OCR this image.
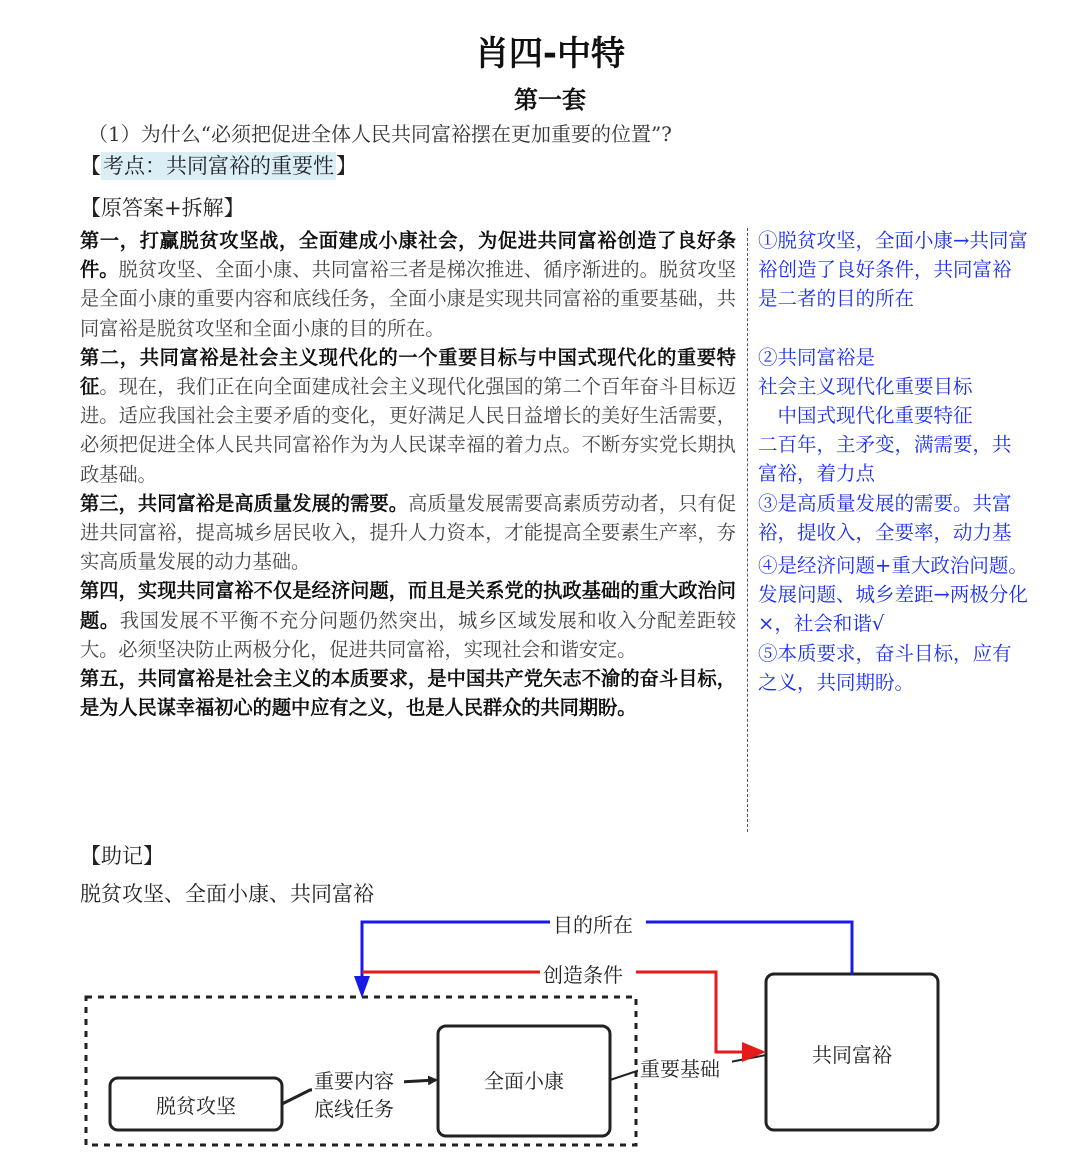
肖四-中特
第一套
（1）为什么“必须把促进全体人民共同富裕摆在更加重要的位置”?
【考点：共同富裕的重要性】
【原答案+拆解】

第一，打赢脱贫攻坚战，全面建成小康社会，为促进共同富裕创造了良好条件。脱贫攻坚、全面小康、共同富裕三者是梯次推进、循序渐进的。脱贫攻坚是全面小康的重要内容和底线任务，全面小康是实现共同富裕的重要基础，共同富裕是脱贫攻坚和全面小康的目的所在。

第二，共同富裕是社会主义现代化的一个重要目标与中国式现代化的重要特征。现在，我们正在向全面建成社会主义现代化强国的第二个百年奋斗目标迈进。适应我国社会主要矛盾的变化，更好满足人民日益增长的美好生活需要，必须把促进全体人民共同富裕作为为人民谋幸福的着力点。不断夯实党长期执政基础。

第三，共同富裕是高质量发展的需要。高质量发展需要高素质劳动者，只有促进共同富裕，提高城乡居民收入，提升人力资本，才能提高全要素生产率，夯实高质量发展的动力基础。

第四，实现共同富裕不仅是经济问题，而且是关系党的执政基础的重大政治问题。我国发展不平衡不充分问题仍然突出，城乡区域发展和收入分配差距较大。必须坚决防止两极分化，促进共同富裕，实现社会和谐安定。

第五，共同富裕是社会主义的本质要求，是中国共产党矢志不渝的奋斗目标，是为人民谋幸福初心的题中应有之义，也是人民群众的共同期盼。

①脱贫攻坚，全面小康→共同富裕创造了良好条件，共同富裕是二者的目的所在

②共同富裕是

社会主义现代化重要目标

　中国式现代化重要特征

二百年，主矛变，满需要，共富裕，着力点

③是高质量发展的需要。共富裕，提收入，全要率，动力基

④是经济问题+重大政治问题。发展问题、城乡差距→两极分化×，社会和谐√

⑤本质要求，奋斗目标，应有之义，共同期盼。

【助记】
脱贫攻坚、全面小康、共同富裕
目的所在
创造条件
重要内容
底线任务
重要基础
脱贫攻坚
全面小康
共同富裕
